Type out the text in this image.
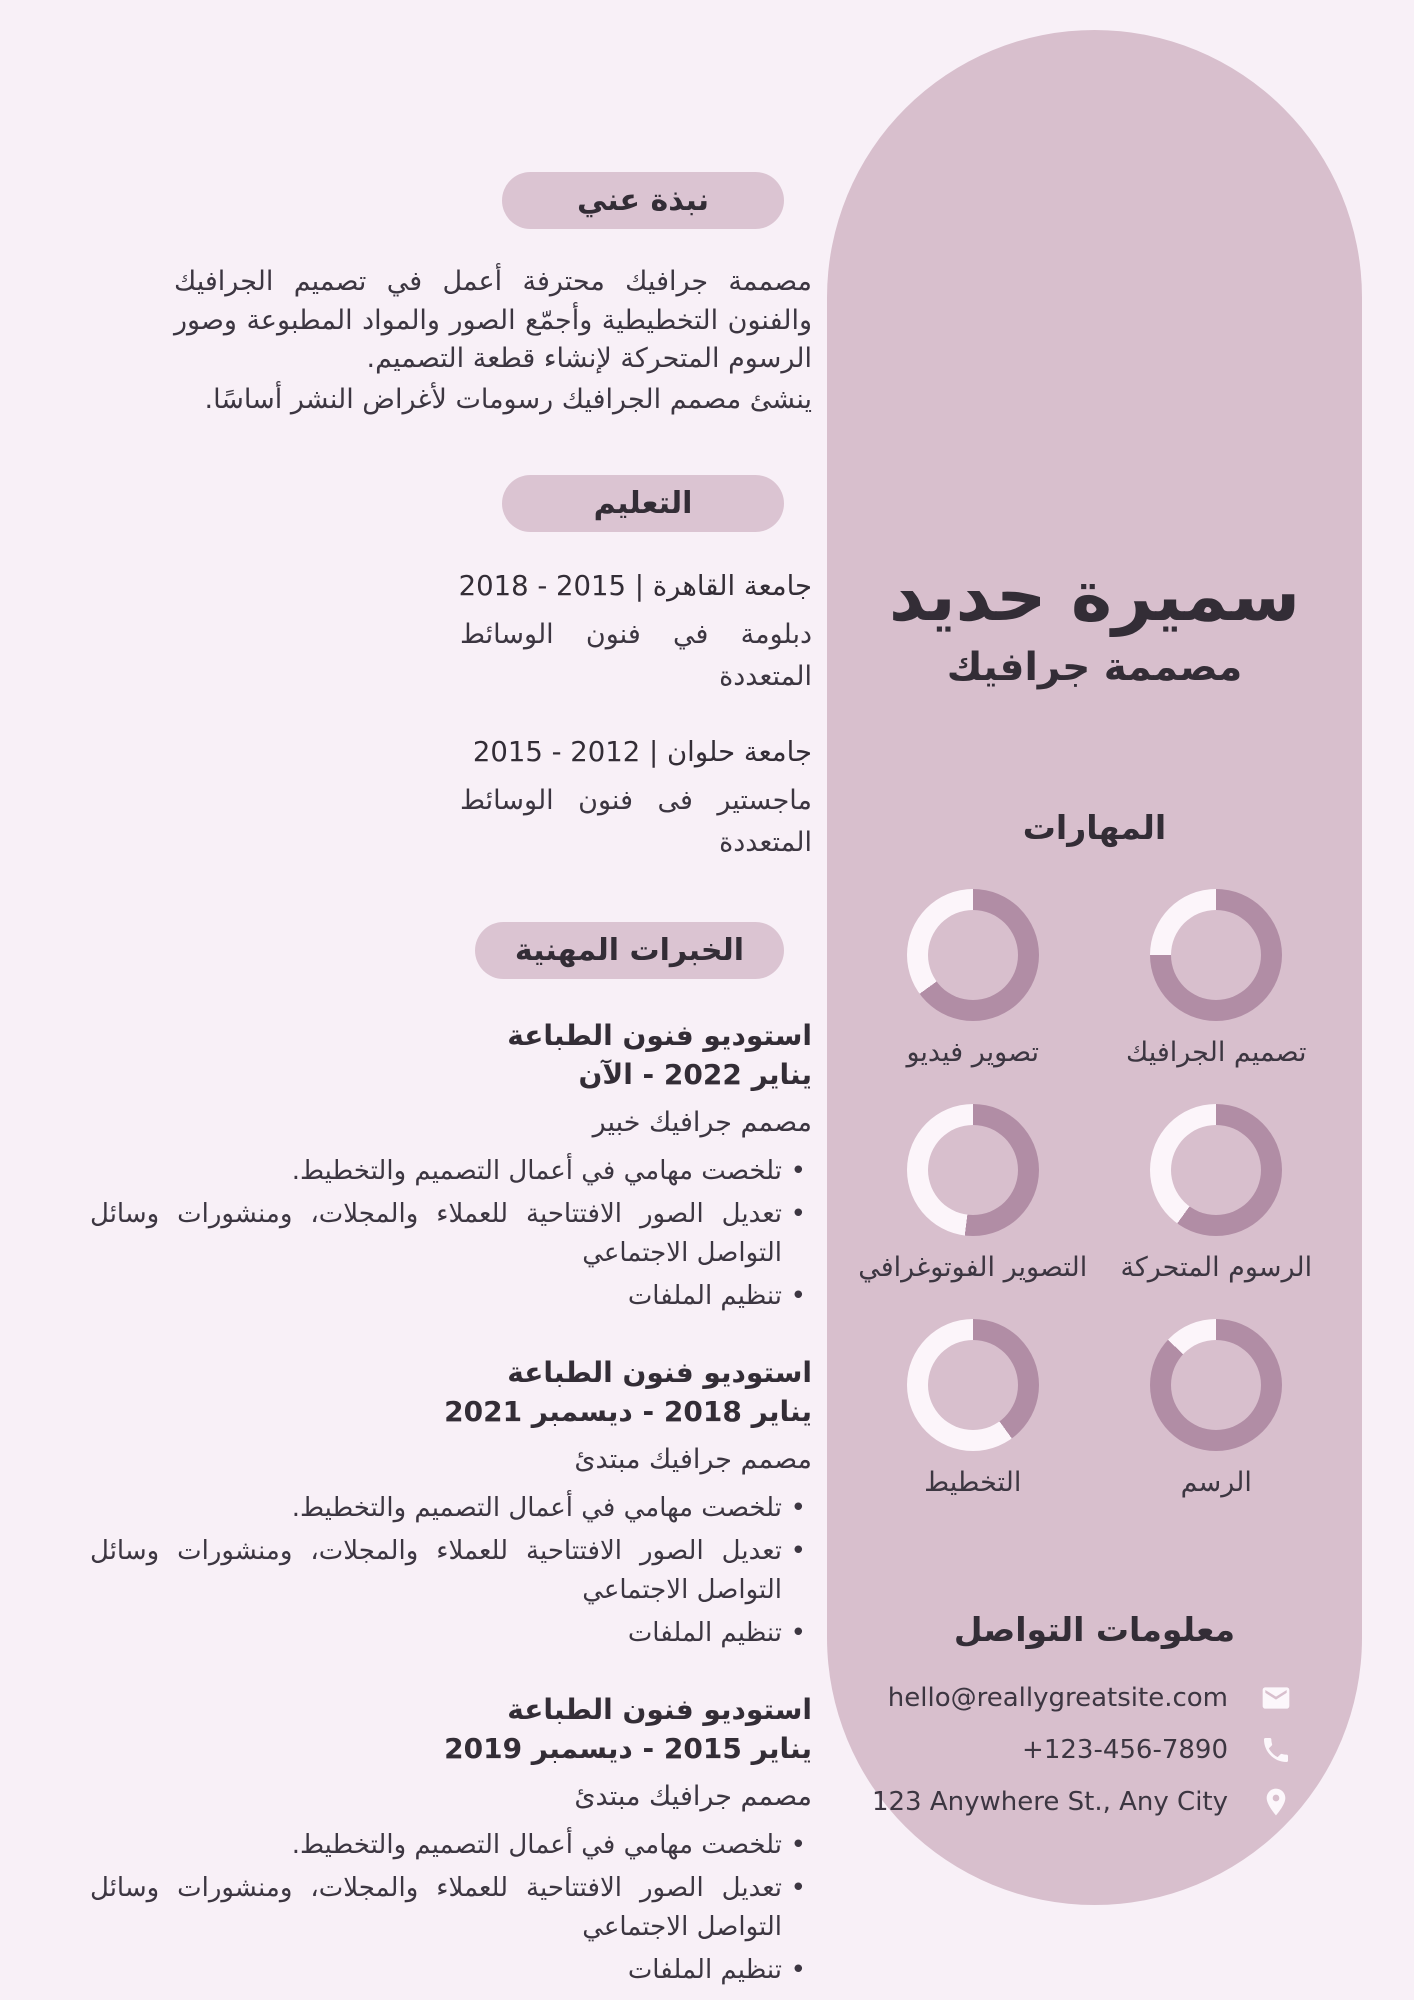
نبذة عني

مصممة جرافيك محترفة أعمل في تصميم الجرافيك والفنون التخطيطية وأجمّع الصور والمواد المطبوعة وصور الرسوم المتحركة لإنشاء قطعة التصميم.

ينشئ مصمم الجرافيك رسومات لأغراض النشر أساسًا.

التعليم
جامعة القاهرة | 2015 - 2018
دبلومة في فنون الوسائط المتعددة
جامعة حلوان | 2012 - 2015
ماجستير فى فنون الوسائط المتعددة
الخبرات المهنية
استوديو فنون الطباعة
يناير 2022 - الآن
مصمم جرافيك خبير
• تلخصت مهامي في أعمال التصميم والتخطيط.
• تعديل الصور الافتتاحية للعملاء والمجلات، ومنشورات وسائل التواصل الاجتماعي
• تنظيم الملفات
استوديو فنون الطباعة
يناير 2018 - ديسمبر 2021
مصمم جرافيك مبتدئ
• تلخصت مهامي في أعمال التصميم والتخطيط.
• تعديل الصور الافتتاحية للعملاء والمجلات، ومنشورات وسائل التواصل الاجتماعي
• تنظيم الملفات
استوديو فنون الطباعة
يناير 2015 - ديسمبر 2019
مصمم جرافيك مبتدئ
• تلخصت مهامي في أعمال التصميم والتخطيط.
• تعديل الصور الافتتاحية للعملاء والمجلات، ومنشورات وسائل التواصل الاجتماعي
• تنظيم الملفات
سميرة حديد
مصممة جرافيك
المهارات
تصميم الجرافيك
تصوير فيديو
الرسوم المتحركة
التصوير الفوتوغرافي
الرسم
التخطيط
معلومات التواصل
hello@reallygreatsite.com
+123-456-7890
123 Anywhere St., Any City
